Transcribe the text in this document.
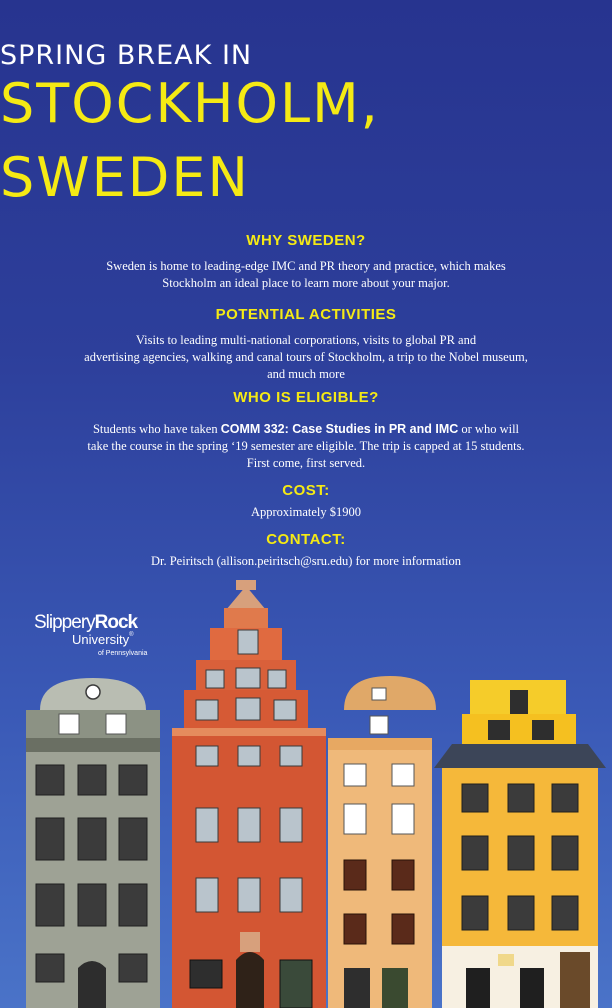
SPRING BREAK IN
STOCKHOLM,
SWEDEN
WHY SWEDEN?
Sweden is home to leading-edge IMC and PR theory and practice, which makes
Stockholm an ideal place to learn more about your major.
POTENTIAL ACTIVITIES
Visits to leading multi-national corporations, visits to global PR and
advertising agencies, walking and canal tours of Stockholm, a trip to the Nobel museum,
and much more
WHO IS ELIGIBLE?
Students who have taken COMM 332: Case Studies in PR and IMC or who will
take the course in the spring ‘19 semester are eligible. The trip is capped at 15 students.
First come, first served.
COST:
Approximately $1900
CONTACT:
Dr. Peiritsch (allison.peiritsch@sru.edu) for more information
SlipperyRock
University®
of Pennsylvania
